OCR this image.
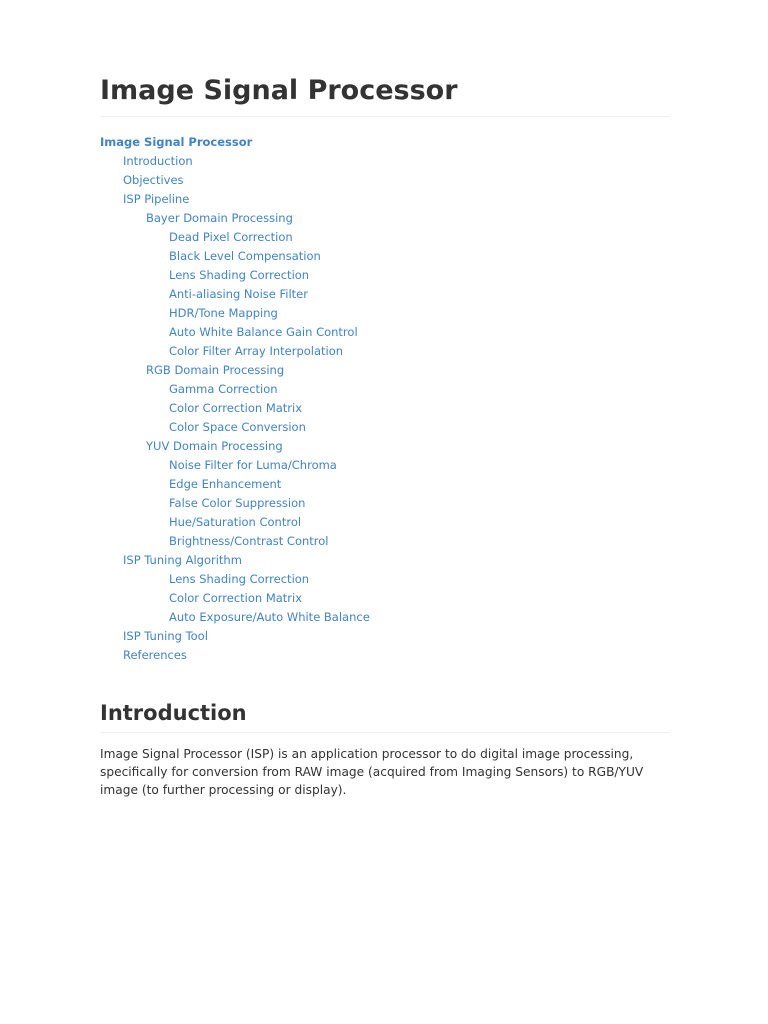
Image Signal Processor
Image Signal Processor
Introduction
Objectives
ISP Pipeline
Bayer Domain Processing
Dead Pixel Correction
Black Level Compensation
Lens Shading Correction
Anti-aliasing Noise Filter
HDR/Tone Mapping
Auto White Balance Gain Control
Color Filter Array Interpolation
RGB Domain Processing
Gamma Correction
Color Correction Matrix
Color Space Conversion
YUV Domain Processing
Noise Filter for Luma/Chroma
Edge Enhancement
False Color Suppression
Hue/Saturation Control
Brightness/Contrast Control
ISP Tuning Algorithm
Lens Shading Correction
Color Correction Matrix
Auto Exposure/Auto White Balance
ISP Tuning Tool
References
Introduction

Image Signal Processor (ISP) is an application processor to do digital image processing, specifically for conversion from RAW image (acquired from Imaging Sensors) to RGB/YUV image (to further processing or display).
